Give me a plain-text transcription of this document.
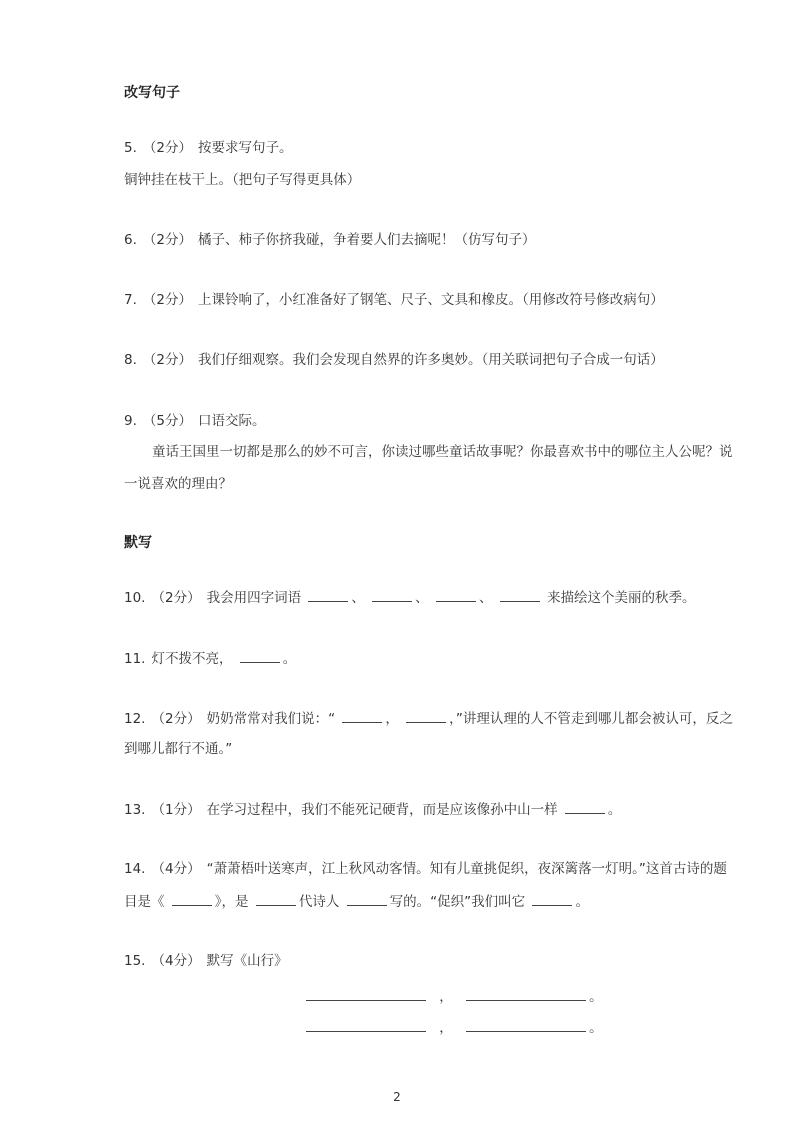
改写句子
5. （2分） 按要求写句子。
铜钟挂在枝干上。（把句子写得更具体）
6. （2分） 橘子、柿子你挤我碰，争着要人们去摘呢！（仿写句子）
7. （2分） 上课铃响了，小红准备好了钢笔、尺子、文具和橡皮。（用修改符号修改病句）
8. （2分） 我们仔细观察。我们会发现自然界的许多奥妙。（用关联词把句子合成一句话）
9. （5分） 口语交际。
童话王国里一切都是那么的妙不可言，你读过哪些童话故事呢？你最喜欢书中的哪位主人公呢？说
一说喜欢的理由？
默写
10. （2分） 我会用四字词语	、	、	、	来描绘这个美丽的秋季。
11. 灯不拨不亮，	。
12. （2分） 奶奶常常对我们说：“	，	，”讲理认理的人不管走到哪儿都会被认可，反之
到哪儿都行不通。”
13. （1分） 在学习过程中，我们不能死记硬背，而是应该像孙中山一样	。
14. （4分） “萧萧梧叶送寒声，江上秋风动客情。知有儿童挑促织，夜深篱落一灯明。”这首古诗的题
目是《	》，是	代诗人	写的。“促织”我们叫它	。
15. （4分） 默写《山行》
，	。
，	。
2
